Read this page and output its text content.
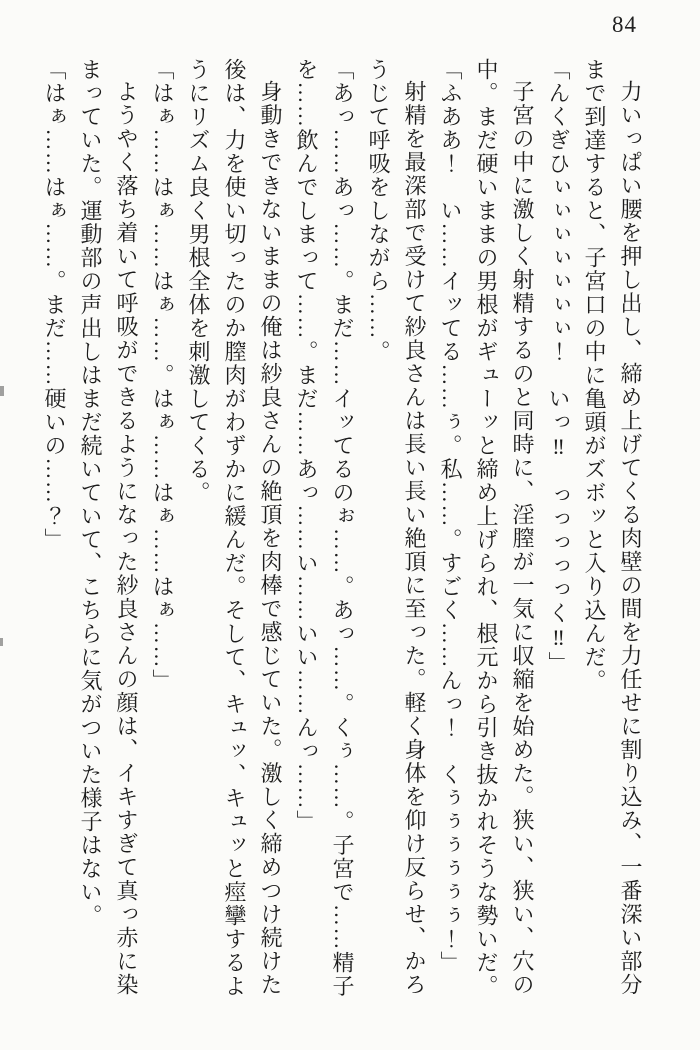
84

力いっぱい腰を押し出し、締め上げてくる肉壁の間を力任せに割り込み、一番深い部分

まで到達すると、子宮口の中に亀頭がズボッと入り込んだ。

「んくぎひぃぃぃぃぃぃぃ！　いっ‼　っっっっっく‼」

子宮の中に激しく射精するのと同時に、淫膣が一気に収縮を始めた。狭い、狭い、穴の

中。まだ硬いままの男根がギューッと締め上げられ、根元から引き抜かれそうな勢いだ。

「ふああ！　い……イッてる……ぅ。私……。すごく……んっ！　くぅぅぅぅぅぅ！」

射精を最深部で受けて紗良さんは長い長い絶頂に至った。軽く身体を仰け反らせ、かろ

うじて呼吸をしながら……。

「あっ……あっ……。まだ……イッてるのぉ……。あっ……。くぅ……。子宮で……精子

を……飲んでしまって……。まだ……あっ……い……いい……んっ……」

身動きできないままの俺は紗良さんの絶頂を肉棒で感じていた。激しく締めつけ続けた

後は、力を使い切ったのか膣肉がわずかに緩んだ。そして、キュッ、キュッと痙攣するよ

うにリズム良く男根全体を刺激してくる。

「はぁ……はぁ……はぁ……。はぁ……はぁ……はぁ……」

ようやく落ち着いて呼吸ができるようになった紗良さんの顔は、イキすぎて真っ赤に染

まっていた。運動部の声出しはまだ続いていて、こちらに気がついた様子はない。

「はぁ……はぁ……。まだ……硬いの……？」
